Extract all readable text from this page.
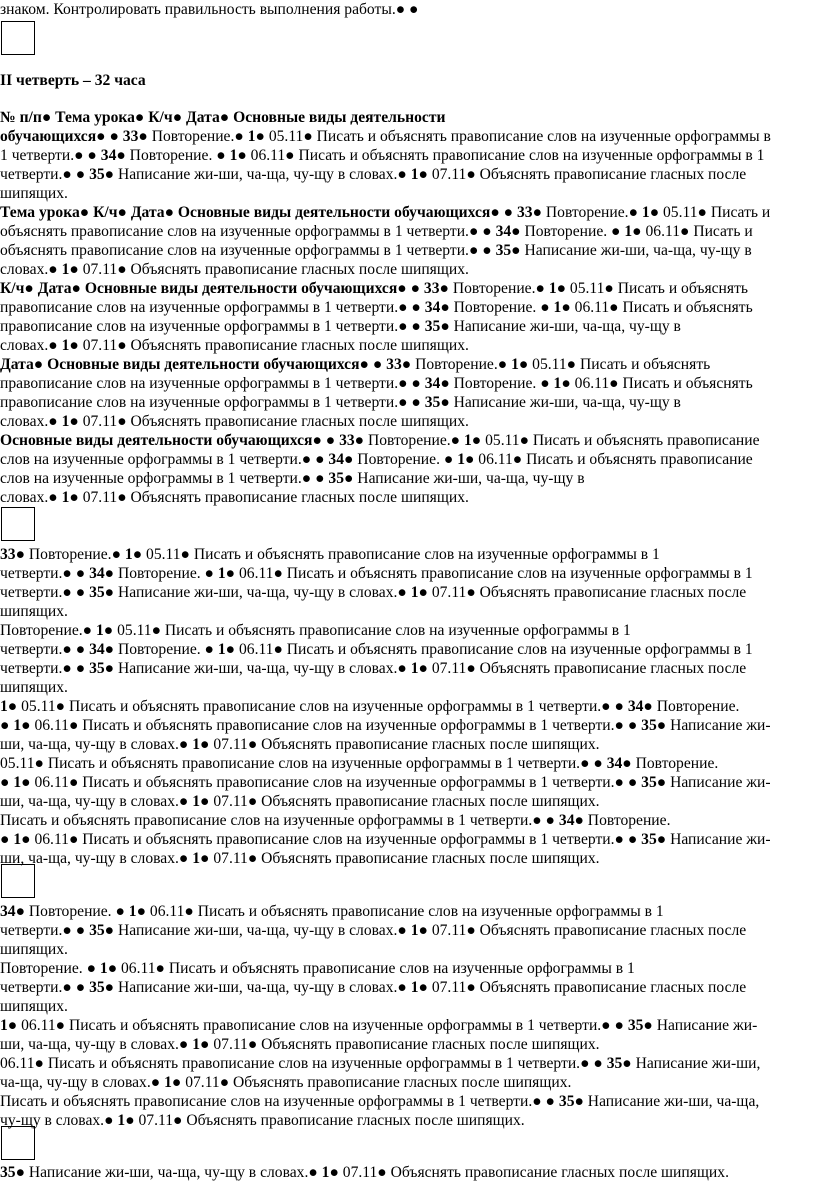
знаком. Контролировать правильность выполнения работы.● ●
II четверть – 32 часа
№ п/п● Тема урока● К/ч● Дата● Основные виды деятельности
обучающихся● ● 33● Повторение.● 1● 05.11● Писать и объяснять правописание слов на изученные орфограммы в
1 четверти.● ● 34● Повторение. ● 1● 06.11● Писать и объяснять правописание слов на изученные орфограммы в 1
четверти.● ● 35● Написание жи-ши, ча-ща, чу-щу в словах.● 1● 07.11● Объяснять правописание гласных после
шипящих.
Тема урока● К/ч● Дата● Основные виды деятельности обучающихся● ● 33● Повторение.● 1● 05.11● Писать и
объяснять правописание слов на изученные орфограммы в 1 четверти.● ● 34● Повторение. ● 1● 06.11● Писать и
объяснять правописание слов на изученные орфограммы в 1 четверти.● ● 35● Написание жи-ши, ча-ща, чу-щу в
словах.● 1● 07.11● Объяснять правописание гласных после шипящих.
К/ч● Дата● Основные виды деятельности обучающихся● ● 33● Повторение.● 1● 05.11● Писать и объяснять
правописание слов на изученные орфограммы в 1 четверти.● ● 34● Повторение. ● 1● 06.11● Писать и объяснять
правописание слов на изученные орфограммы в 1 четверти.● ● 35● Написание жи-ши, ча-ща, чу-щу в
словах.● 1● 07.11● Объяснять правописание гласных после шипящих.
Дата● Основные виды деятельности обучающихся● ● 33● Повторение.● 1● 05.11● Писать и объяснять
правописание слов на изученные орфограммы в 1 четверти.● ● 34● Повторение. ● 1● 06.11● Писать и объяснять
правописание слов на изученные орфограммы в 1 четверти.● ● 35● Написание жи-ши, ча-ща, чу-щу в
словах.● 1● 07.11● Объяснять правописание гласных после шипящих.
Основные виды деятельности обучающихся● ● 33● Повторение.● 1● 05.11● Писать и объяснять правописание
слов на изученные орфограммы в 1 четверти.● ● 34● Повторение. ● 1● 06.11● Писать и объяснять правописание
слов на изученные орфограммы в 1 четверти.● ● 35● Написание жи-ши, ча-ща, чу-щу в
словах.● 1● 07.11● Объяснять правописание гласных после шипящих.
33● Повторение.● 1● 05.11● Писать и объяснять правописание слов на изученные орфограммы в 1
четверти.● ● 34● Повторение. ● 1● 06.11● Писать и объяснять правописание слов на изученные орфограммы в 1
четверти.● ● 35● Написание жи-ши, ча-ща, чу-щу в словах.● 1● 07.11● Объяснять правописание гласных после
шипящих.
Повторение.● 1● 05.11● Писать и объяснять правописание слов на изученные орфограммы в 1
четверти.● ● 34● Повторение. ● 1● 06.11● Писать и объяснять правописание слов на изученные орфограммы в 1
четверти.● ● 35● Написание жи-ши, ча-ща, чу-щу в словах.● 1● 07.11● Объяснять правописание гласных после
шипящих.
1● 05.11● Писать и объяснять правописание слов на изученные орфограммы в 1 четверти.● ● 34● Повторение.
● 1● 06.11● Писать и объяснять правописание слов на изученные орфограммы в 1 четверти.● ● 35● Написание жи-
ши, ча-ща, чу-щу в словах.● 1● 07.11● Объяснять правописание гласных после шипящих.
05.11● Писать и объяснять правописание слов на изученные орфограммы в 1 четверти.● ● 34● Повторение.
● 1● 06.11● Писать и объяснять правописание слов на изученные орфограммы в 1 четверти.● ● 35● Написание жи-
ши, ча-ща, чу-щу в словах.● 1● 07.11● Объяснять правописание гласных после шипящих.
Писать и объяснять правописание слов на изученные орфограммы в 1 четверти.● ● 34● Повторение.
● 1● 06.11● Писать и объяснять правописание слов на изученные орфограммы в 1 четверти.● ● 35● Написание жи-
ши, ча-ща, чу-щу в словах.● 1● 07.11● Объяснять правописание гласных после шипящих.
34● Повторение. ● 1● 06.11● Писать и объяснять правописание слов на изученные орфограммы в 1
четверти.● ● 35● Написание жи-ши, ча-ща, чу-щу в словах.● 1● 07.11● Объяснять правописание гласных после
шипящих.
Повторение. ● 1● 06.11● Писать и объяснять правописание слов на изученные орфограммы в 1
четверти.● ● 35● Написание жи-ши, ча-ща, чу-щу в словах.● 1● 07.11● Объяснять правописание гласных после
шипящих.
1● 06.11● Писать и объяснять правописание слов на изученные орфограммы в 1 четверти.● ● 35● Написание жи-
ши, ча-ща, чу-щу в словах.● 1● 07.11● Объяснять правописание гласных после шипящих.
06.11● Писать и объяснять правописание слов на изученные орфограммы в 1 четверти.● ● 35● Написание жи-ши,
ча-ща, чу-щу в словах.● 1● 07.11● Объяснять правописание гласных после шипящих.
Писать и объяснять правописание слов на изученные орфограммы в 1 четверти.● ● 35● Написание жи-ши, ча-ща,
чу-щу в словах.● 1● 07.11● Объяснять правописание гласных после шипящих.
35● Написание жи-ши, ча-ща, чу-щу в словах.● 1● 07.11● Объяснять правописание гласных после шипящих.
